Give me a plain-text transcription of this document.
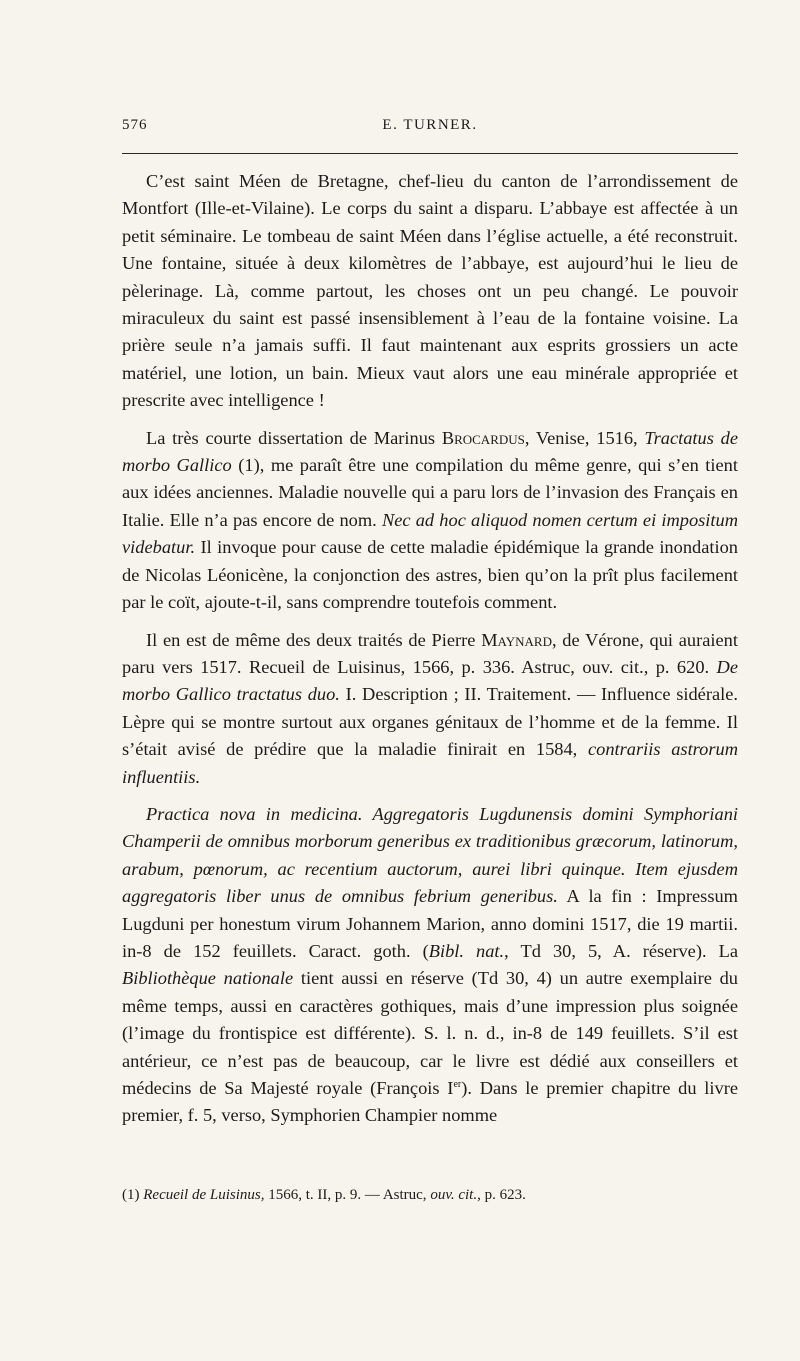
576	E. TURNER.

C’est saint Méen de Bretagne, chef-lieu du canton de l’arrondissement de Montfort (Ille-et-Vilaine). Le corps du saint a disparu. L’abbaye est affectée à un petit séminaire. Le tombeau de saint Méen dans l’église actuelle, a été reconstruit. Une fontaine, située à deux kilomètres de l’abbaye, est aujourd’hui le lieu de pèlerinage. Là, comme partout, les choses ont un peu changé. Le pouvoir miraculeux du saint est passé insensiblement à l’eau de la fontaine voisine. La prière seule n’a jamais suffi. Il faut maintenant aux esprits grossiers un acte matériel, une lotion, un bain. Mieux vaut alors une eau minérale appropriée et prescrite avec intelligence !

La très courte dissertation de Marinus Brocardus, Venise, 1516, Tractatus de morbo Gallico (1), me paraît être une compilation du même genre, qui s’en tient aux idées anciennes. Maladie nouvelle qui a paru lors de l’invasion des Français en Italie. Elle n’a pas encore de nom. Nec ad hoc aliquod nomen certum ei impositum videbatur. Il invoque pour cause de cette maladie épidémique la grande inondation de Nicolas Léonicène, la conjonction des astres, bien qu’on la prît plus facilement par le coït, ajoute-t-il, sans comprendre toutefois comment.

Il en est de même des deux traités de Pierre Maynard, de Vérone, qui auraient paru vers 1517. Recueil de Luisinus, 1566, p. 336. Astruc, ouv. cit., p. 620. De morbo Gallico tractatus duo. I. Description ; II. Traitement. — Influence sidérale. Lèpre qui se montre surtout aux organes génitaux de l’homme et de la femme. Il s’était avisé de prédire que la maladie finirait en 1584, contrariis astrorum influentiis.

Practica nova in medicina. Aggregatoris Lugdunensis domini Symphoriani Champerii de omnibus morborum generibus ex traditionibus græcorum, latinorum, arabum, pœnorum, ac recentium auctorum, aurei libri quinque. Item ejusdem aggregatoris liber unus de omnibus febrium generibus. A la fin : Impressum Lugduni per honestum virum Johannem Marion, anno domini 1517, die 19 martii. in-8 de 152 feuillets. Caract. goth. (Bibl. nat., Td 30, 5, A. réserve). La Bibliothèque nationale tient aussi en réserve (Td 30, 4) un autre exemplaire du même temps, aussi en caractères gothiques, mais d’une impression plus soignée (l’image du frontispice est différente). S. l. n. d., in-8 de 149 feuillets. S’il est antérieur, ce n’est pas de beaucoup, car le livre est dédié aux conseillers et médecins de Sa Majesté royale (François Ier). Dans le premier chapitre du livre premier, f. 5, verso, Symphorien Champier nomme

(1) Recueil de Luisinus, 1566, t. II, p. 9. — Astruc, ouv. cit., p. 623.
